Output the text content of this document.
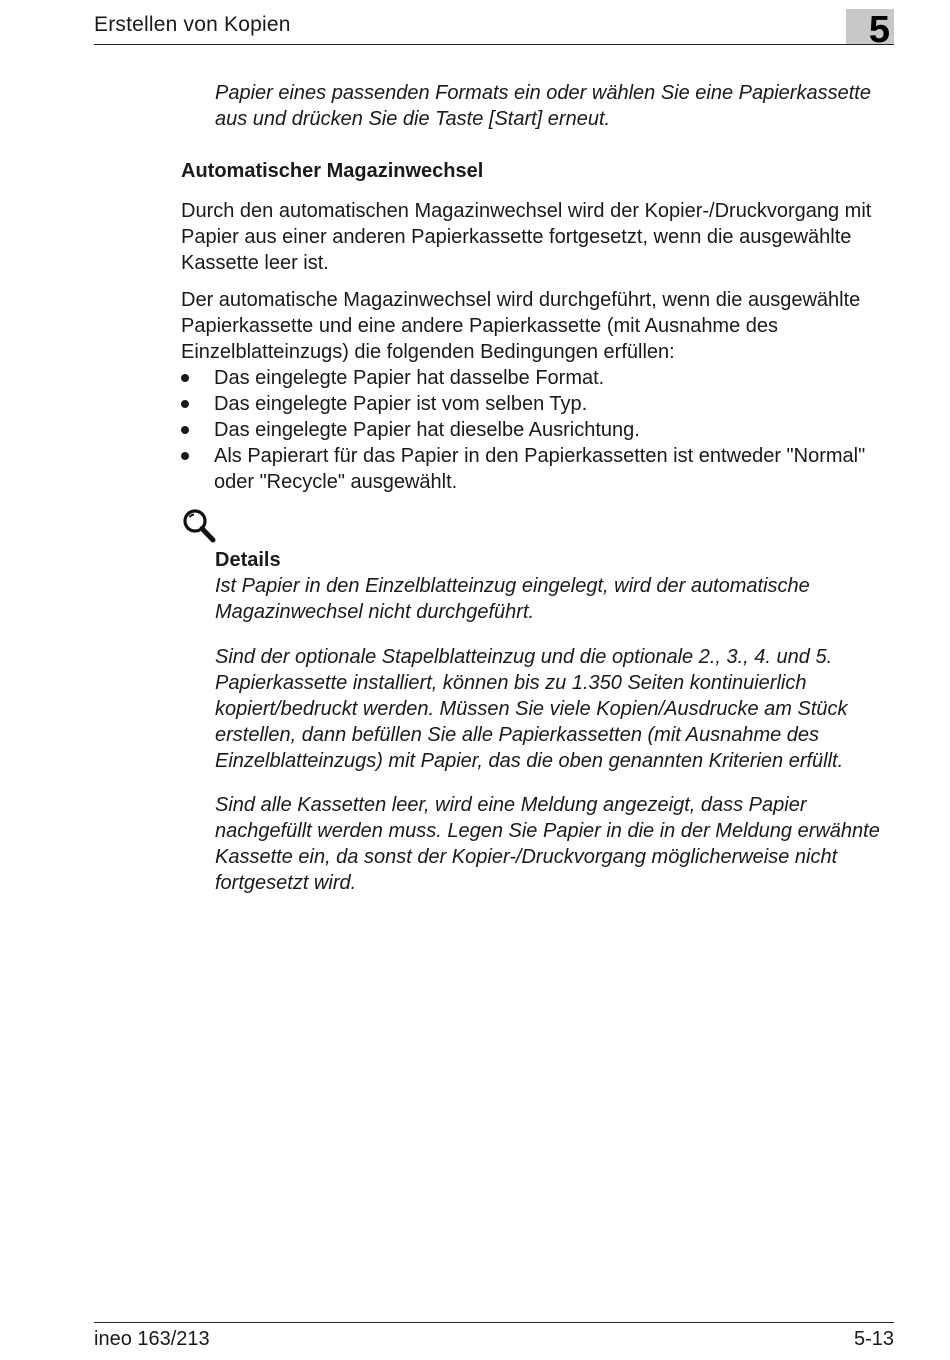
Erstellen von Kopien	5

Papier eines passenden Formats ein oder wählen Sie eine Papierkassette aus und drücken Sie die Taste [Start] erneut.

Automatischer Magazinwechsel

Durch den automatischen Magazinwechsel wird der Kopier-/Druckvorgang mit Papier aus einer anderen Papierkassette fortgesetzt, wenn die ausgewählte Kassette leer ist.

Der automatische Magazinwechsel wird durchgeführt, wenn die ausgewählte Papierkassette und eine andere Papierkassette (mit Ausnahme des Einzelblatteinzugs) die folgenden Bedingungen erfüllen:

Das eingelegte Papier hat dasselbe Format.
Das eingelegte Papier ist vom selben Typ.
Das eingelegte Papier hat dieselbe Ausrichtung.
Als Papierart für das Papier in den Papierkassetten ist entweder "Normal" oder "Recycle" ausgewählt.
Details

Ist Papier in den Einzelblatteinzug eingelegt, wird der automatische Magazinwechsel nicht durchgeführt.

Sind der optionale Stapelblatteinzug und die optionale 2., 3., 4. und 5. Papierkassette installiert, können bis zu 1.350 Seiten kontinuierlich kopiert/bedruckt werden. Müssen Sie viele Kopien/Ausdrucke am Stück erstellen, dann befüllen Sie alle Papierkassetten (mit Ausnahme des Einzelblatteinzugs) mit Papier, das die oben genannten Kriterien erfüllt.

Sind alle Kassetten leer, wird eine Meldung angezeigt, dass Papier nachgefüllt werden muss. Legen Sie Papier in die in der Meldung erwähnte Kassette ein, da sonst der Kopier-/Druckvorgang möglicherweise nicht fortgesetzt wird.

ineo 163/213	5-13
